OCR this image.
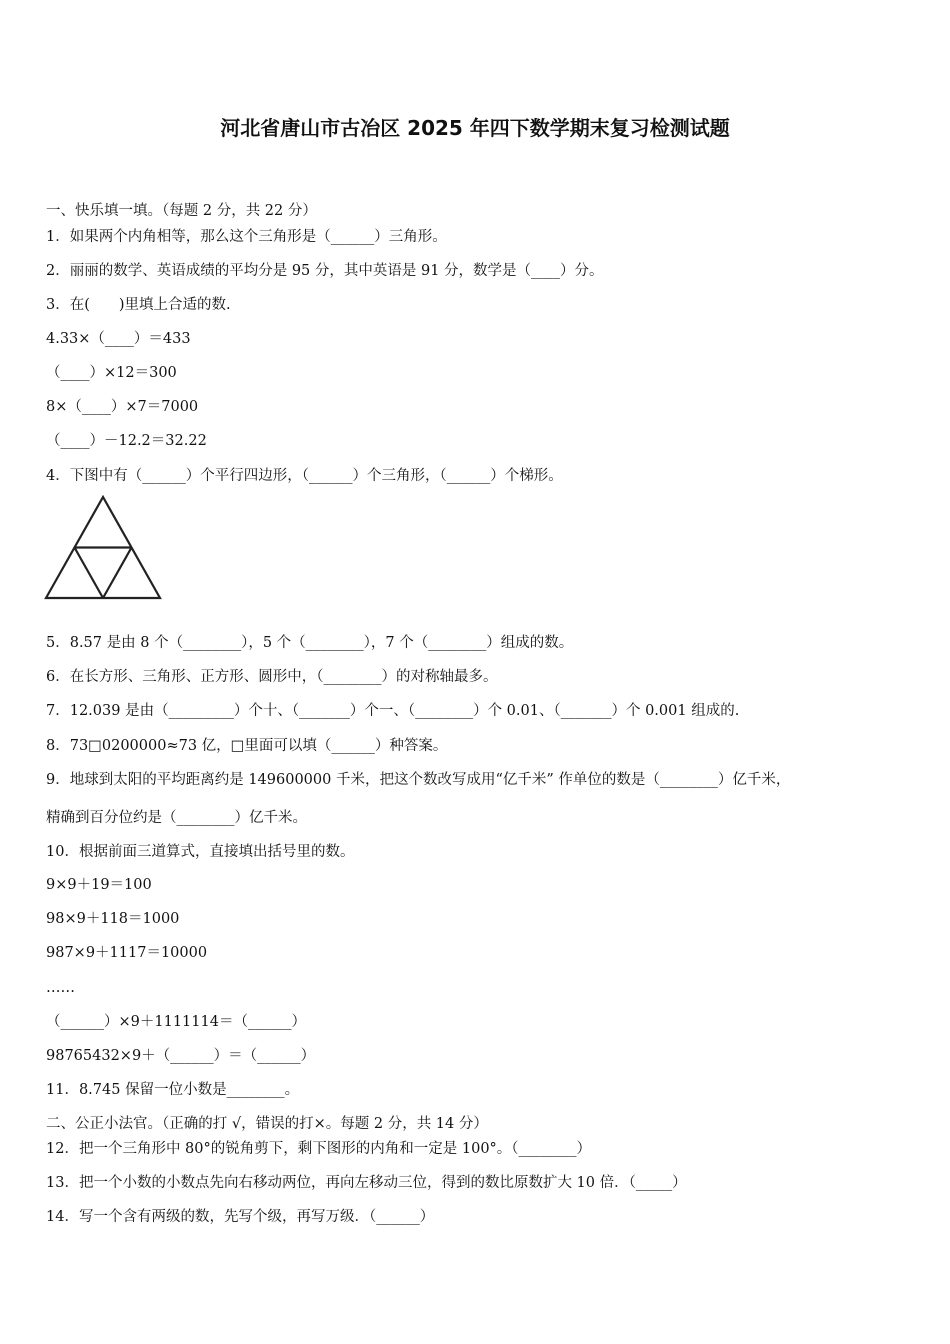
河北省唐山市古冶区 2025 年四下数学期末复习检测试题
一、快乐填一填。（每题 2 分，共 22 分）
1．如果两个内角相等，那么这个三角形是（______）三角形。
2．丽丽的数学、英语成绩的平均分是 95 分，其中英语是 91 分，数学是（____）分。
3．在(　　)里填上合适的数.
4.33×（____）＝433
（____）×12＝300
8×（____）×7＝7000
（____）－12.2＝32.22
4．下图中有（______）个平行四边形，（______）个三角形，（______）个梯形。
5．8.57 是由 8 个（________），5 个（________），7 个（________）组成的数。
6．在长方形、三角形、正方形、圆形中，（________）的对称轴最多。
7．12.039 是由（_________）个十、（_______）个一、（________）个 0.01、（_______）个 0.001 组成的.
8．73□0200000≈73 亿，□里面可以填（______）种答案。
9．地球到太阳的平均距离约是 149600000 千米，把这个数改写成用“亿千米” 作单位的数是（________）亿千米，
精确到百分位约是（________）亿千米。
10．根据前面三道算式，直接填出括号里的数。
9×9＋19＝100
98×9＋118＝1000
987×9＋1117＝10000
……
（______）×9＋1111114＝（______）
98765432×9＋（______）＝（______）
11．8.745 保留一位小数是________。
二、公正小法官。（正确的打 √，错误的打×。每题 2 分，共 14 分）
12．把一个三角形中 80°的锐角剪下，剩下图形的内角和一定是 100°。（________）
13．把一个小数的小数点先向右移动两位，再向左移动三位，得到的数比原数扩大 10 倍．（_____）
14．写一个含有两级的数，先写个级，再写万级．（______）
